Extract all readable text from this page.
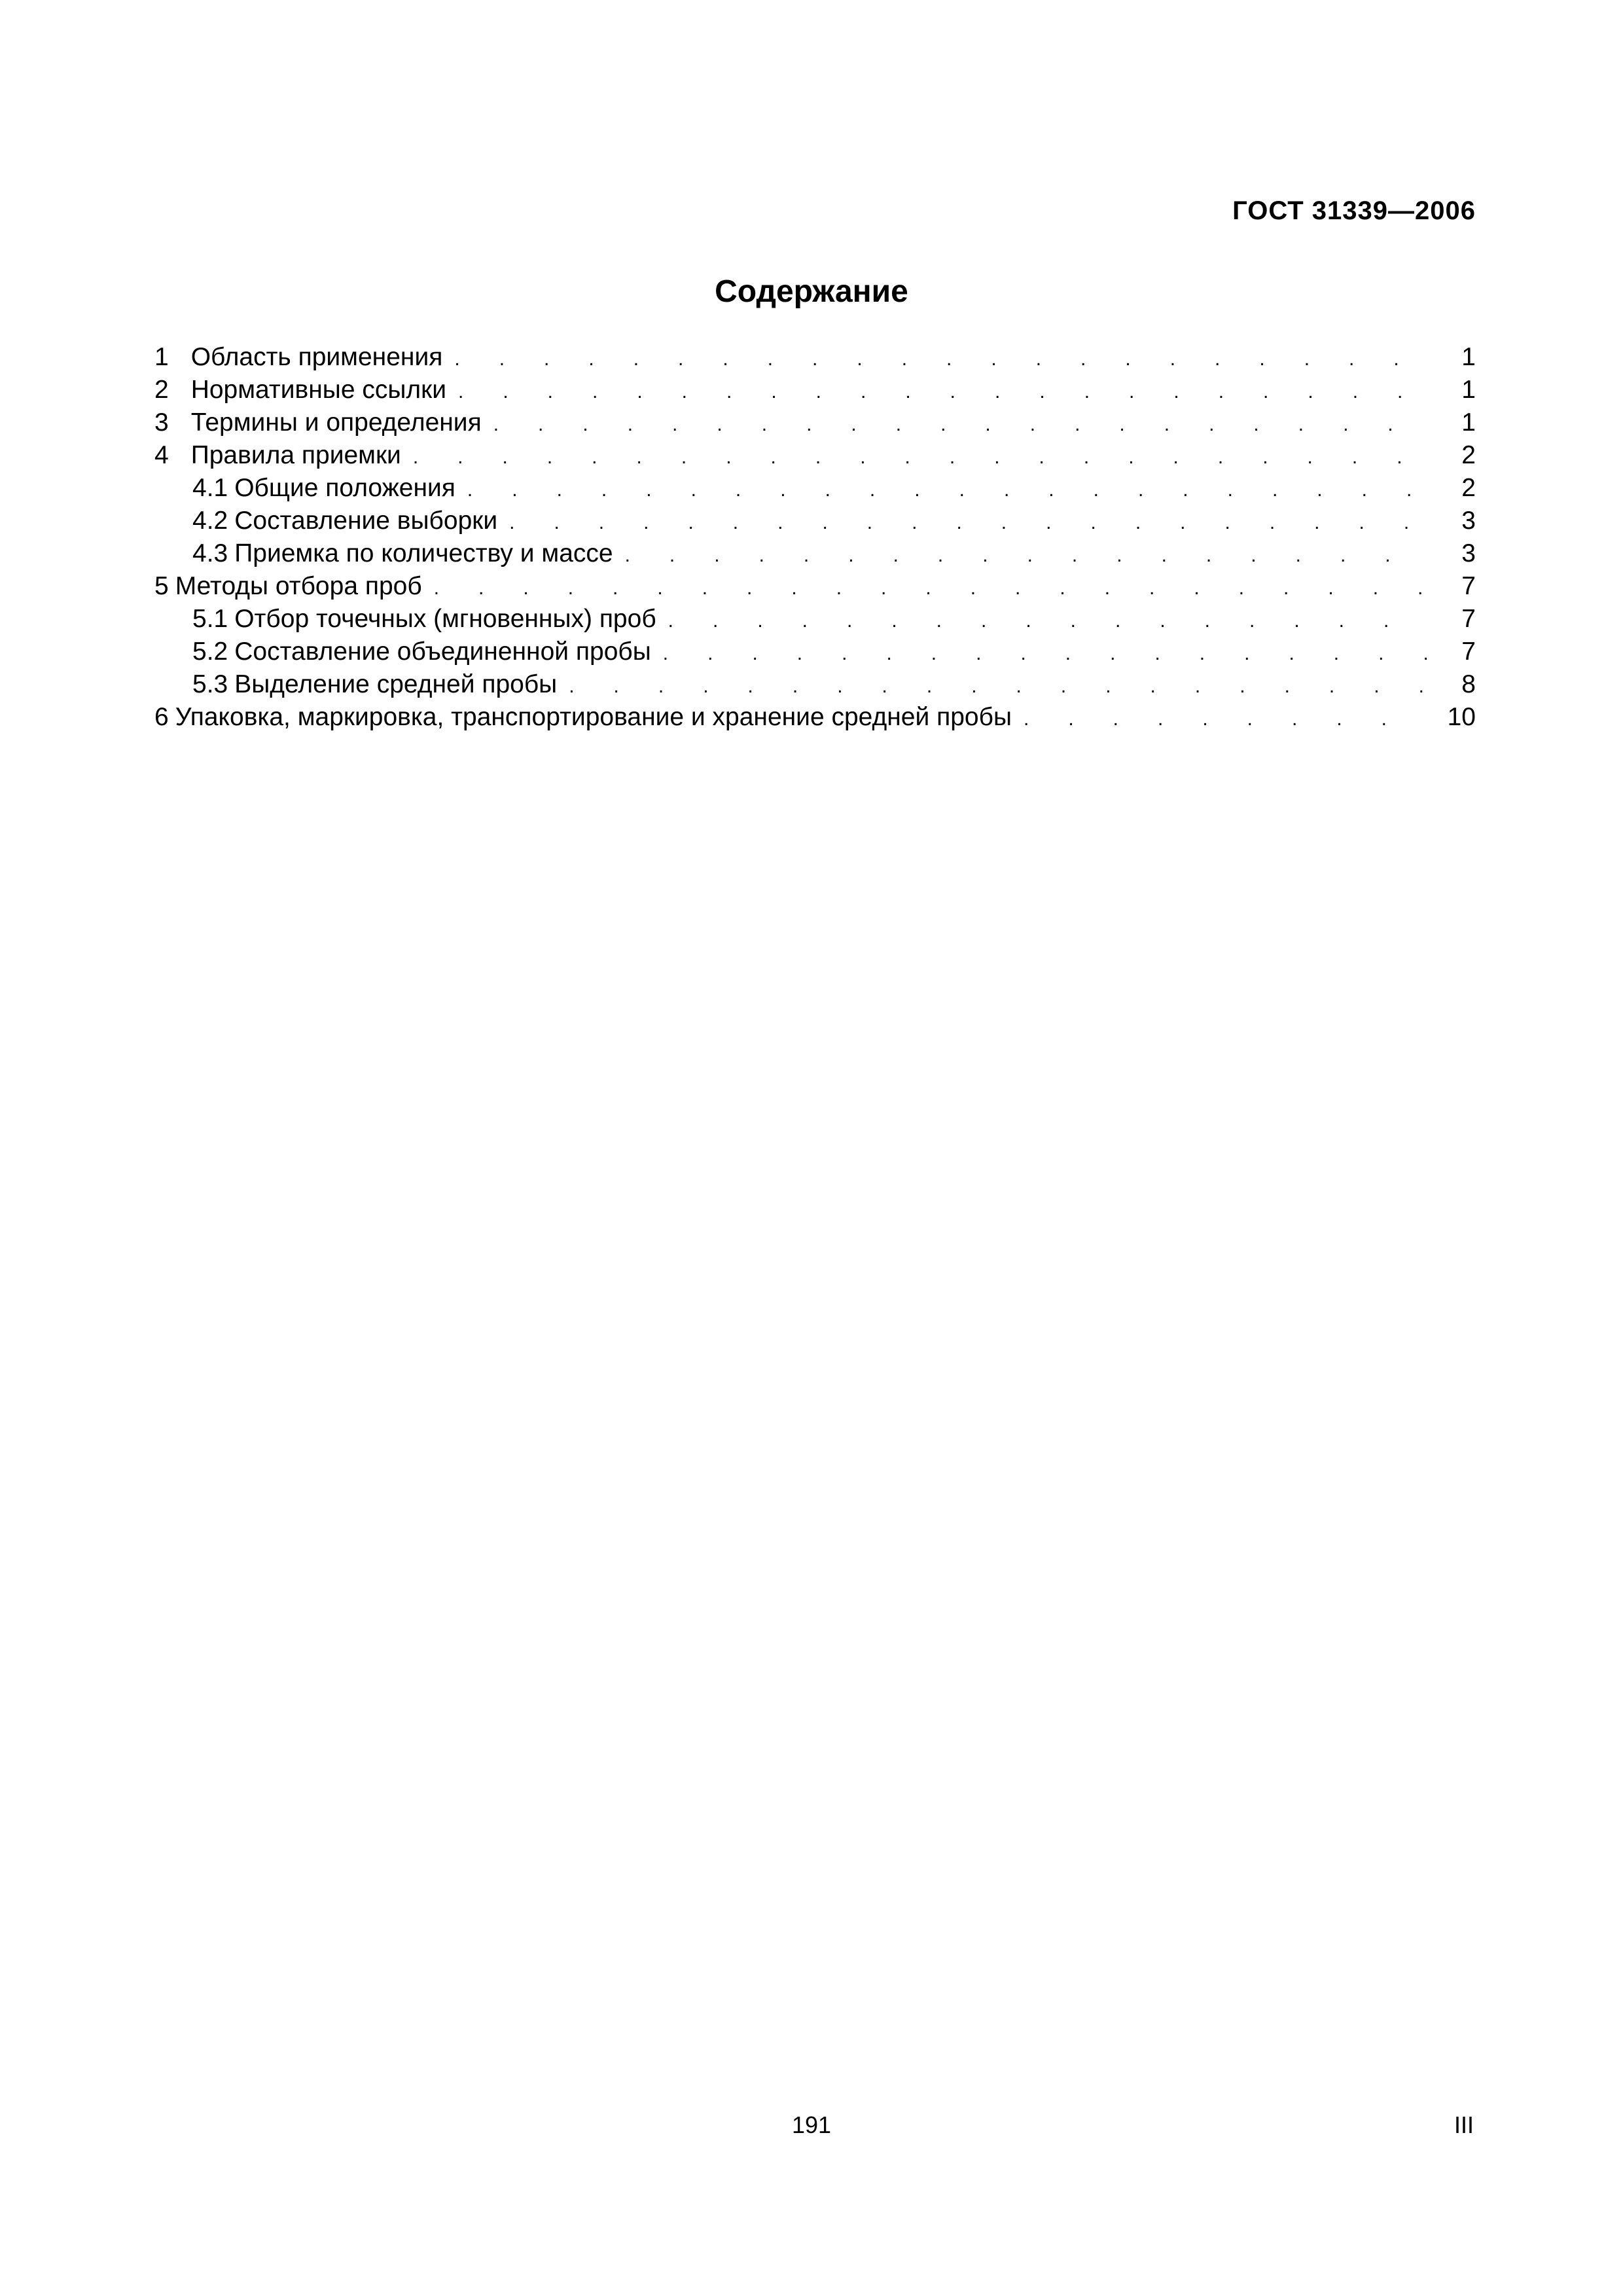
ГОСТ 31339—2006
Содержание
1 Область применения .  . 	1
2 Нормативные ссылки .  . 	1
3 Термины и определения .  . 	1
4 Правила приемки .  . 	2
4.1 Общие положения .  . 	2
4.2 Составление выборки .  . 	3
4.3 Приемка по количеству и массе .  . 	3
5 Методы отбора проб .  . 	7
5.1 Отбор точечных (мгновенных) проб .  . 	7
5.2 Составление объединенной пробы .  . 	7
5.3 Выделение средней пробы .  . 	8
6 Упаковка, маркировка, транспортирование и хранение средней пробы .  . 	10
191	III
